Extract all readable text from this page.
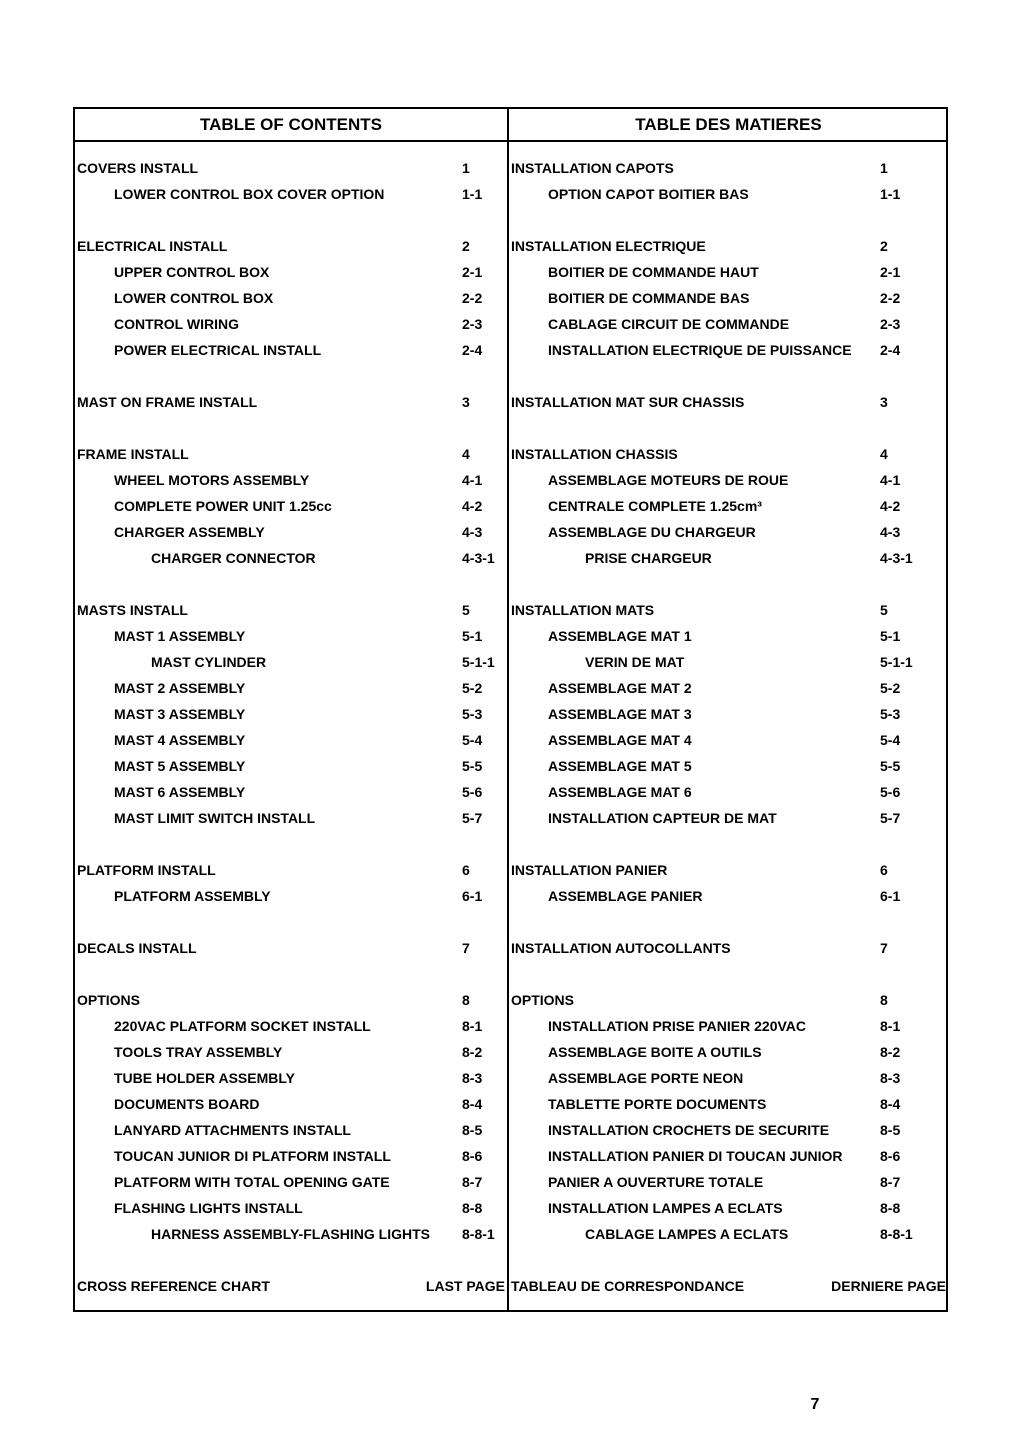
TABLE OF CONTENTS	TABLE DES MATIERES
COVERS INSTALL	1
LOWER CONTROL BOX COVER OPTION	1-1
ELECTRICAL INSTALL	2
UPPER CONTROL BOX	2-1
LOWER CONTROL BOX	2-2
CONTROL WIRING	2-3
POWER ELECTRICAL INSTALL	2-4
MAST ON FRAME INSTALL	3
FRAME INSTALL	4
WHEEL MOTORS ASSEMBLY	4-1
COMPLETE POWER UNIT 1.25cc	4-2
CHARGER ASSEMBLY	4-3
CHARGER CONNECTOR	4-3-1
MASTS INSTALL	5
MAST 1 ASSEMBLY	5-1
MAST CYLINDER	5-1-1
MAST 2 ASSEMBLY	5-2
MAST 3 ASSEMBLY	5-3
MAST 4 ASSEMBLY	5-4
MAST 5 ASSEMBLY	5-5
MAST 6 ASSEMBLY	5-6
MAST LIMIT SWITCH INSTALL	5-7
PLATFORM INSTALL	6
PLATFORM ASSEMBLY	6-1
DECALS INSTALL	7
OPTIONS	8
220VAC PLATFORM SOCKET INSTALL	8-1
TOOLS TRAY ASSEMBLY	8-2
TUBE HOLDER ASSEMBLY	8-3
DOCUMENTS BOARD	8-4
LANYARD ATTACHMENTS INSTALL	8-5
TOUCAN JUNIOR DI PLATFORM INSTALL	8-6
PLATFORM WITH TOTAL OPENING GATE	8-7
FLASHING LIGHTS INSTALL	8-8
HARNESS ASSEMBLY-FLASHING LIGHTS 8-8-1
CROSS REFERENCE CHART	LAST PAGE
INSTALLATION CAPOTS	1
OPTION CAPOT BOITIER BAS	1-1
INSTALLATION ELECTRIQUE	2
BOITIER DE COMMANDE HAUT	2-1
BOITIER DE COMMANDE BAS	2-2
CABLAGE CIRCUIT DE COMMANDE	2-3
INSTALLATION ELECTRIQUE DE PUISSANCE 2-4
INSTALLATION MAT SUR CHASSIS	3
INSTALLATION CHASSIS	4
ASSEMBLAGE MOTEURS DE ROUE	4-1
CENTRALE COMPLETE 1.25cm³	4-2
ASSEMBLAGE DU CHARGEUR	4-3
PRISE CHARGEUR	4-3-1
INSTALLATION MATS	5
ASSEMBLAGE MAT 1	5-1
VERIN DE MAT	5-1-1
ASSEMBLAGE MAT 2	5-2
ASSEMBLAGE MAT 3	5-3
ASSEMBLAGE MAT 4	5-4
ASSEMBLAGE MAT 5	5-5
ASSEMBLAGE MAT 6	5-6
INSTALLATION CAPTEUR DE MAT	5-7
INSTALLATION PANIER	6
ASSEMBLAGE PANIER	6-1
INSTALLATION AUTOCOLLANTS	7
OPTIONS	8
INSTALLATION PRISE PANIER 220VAC	8-1
ASSEMBLAGE BOITE A OUTILS	8-2
ASSEMBLAGE PORTE NEON	8-3
TABLETTE PORTE DOCUMENTS	8-4
INSTALLATION CROCHETS DE SECURITE	8-5
INSTALLATION PANIER DI TOUCAN JUNIOR	8-6
PANIER A OUVERTURE TOTALE	8-7
INSTALLATION LAMPES A ECLATS	8-8
CABLAGE LAMPES A ECLATS	8-8-1
TABLEAU DE CORRESPONDANCE	DERNIERE PAGE
7
